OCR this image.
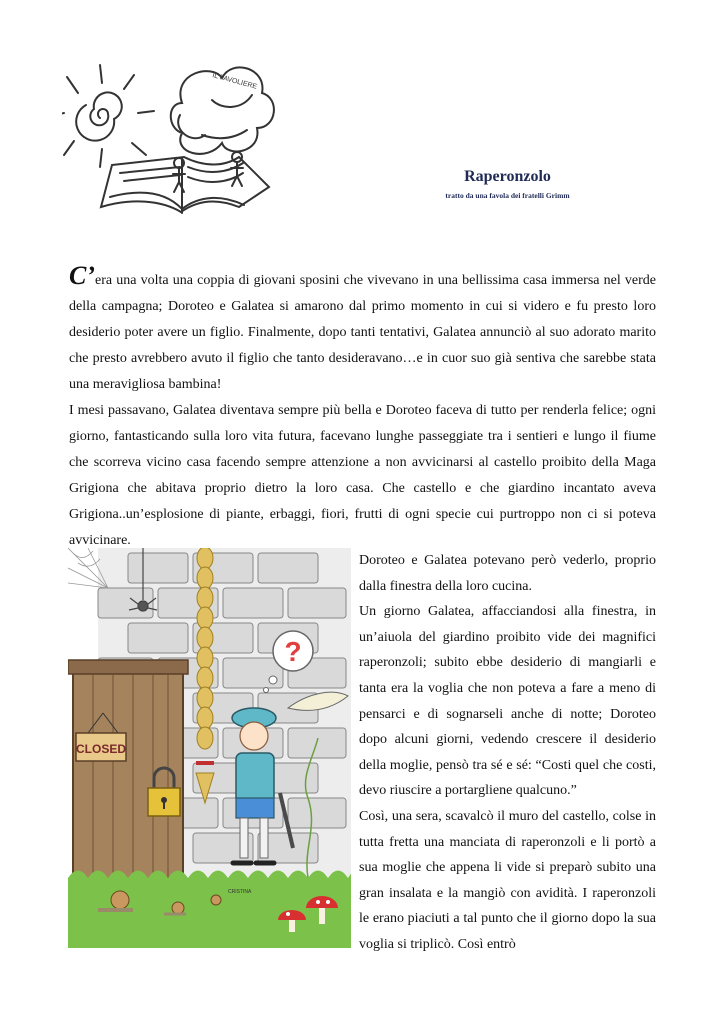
IL FAVOLIERE
Raperonzolo
tratto da una favola dei fratelli Grimm

C’era una volta una coppia di giovani sposini che vivevano in una bellissima casa immersa nel verde della campagna; Doroteo e Galatea si amarono dal primo momento in cui si videro e fu presto loro desiderio poter avere un figlio. Finalmente, dopo tanti tentativi, Galatea annunciò al suo adorato marito che presto avrebbero avuto il figlio che tanto desideravano…e in cuor suo già sentiva che sarebbe stata una meravigliosa bambina!

I mesi passavano, Galatea diventava sempre più bella e Doroteo faceva di tutto per renderla felice; ogni giorno, fantasticando sulla loro vita futura, facevano lunghe passeggiate tra i sentieri e lungo il fiume che scorreva vicino casa facendo sempre attenzione a non avvicinarsi al castello proibito della Maga Grigiona che abitava proprio dietro la loro casa. Che castello e che giardino incantato aveva Grigiona..un’esplosione di piante, erbaggi, fiori, frutti di ogni specie cui purtroppo non ci si poteva avvicinare.

CLOSED
?
CRISTINA

Doroteo e Galatea potevano però vederlo, proprio dalla finestra della loro cucina.

Un giorno Galatea, affacciandosi alla finestra, in un’aiuola del giardino proibito vide dei magnifici raperonzoli; subito ebbe desiderio di mangiarli e tanta era la voglia che non poteva a fare a meno di pensarci e di sognarseli anche di notte; Doroteo dopo alcuni giorni, vedendo crescere il desiderio della moglie, pensò tra sé e sé: “Costi quel che costi, devo riuscire a portargliene qualcuno.”

Così, una sera, scavalcò il muro del castello, colse in tutta fretta una manciata di raperonzoli e li portò a sua moglie che appena li vide si preparò subito una gran insalata e la mangiò con avidità. I raperonzoli le erano piaciuti a tal punto che il giorno dopo la sua voglia si triplicò. Così entrò
